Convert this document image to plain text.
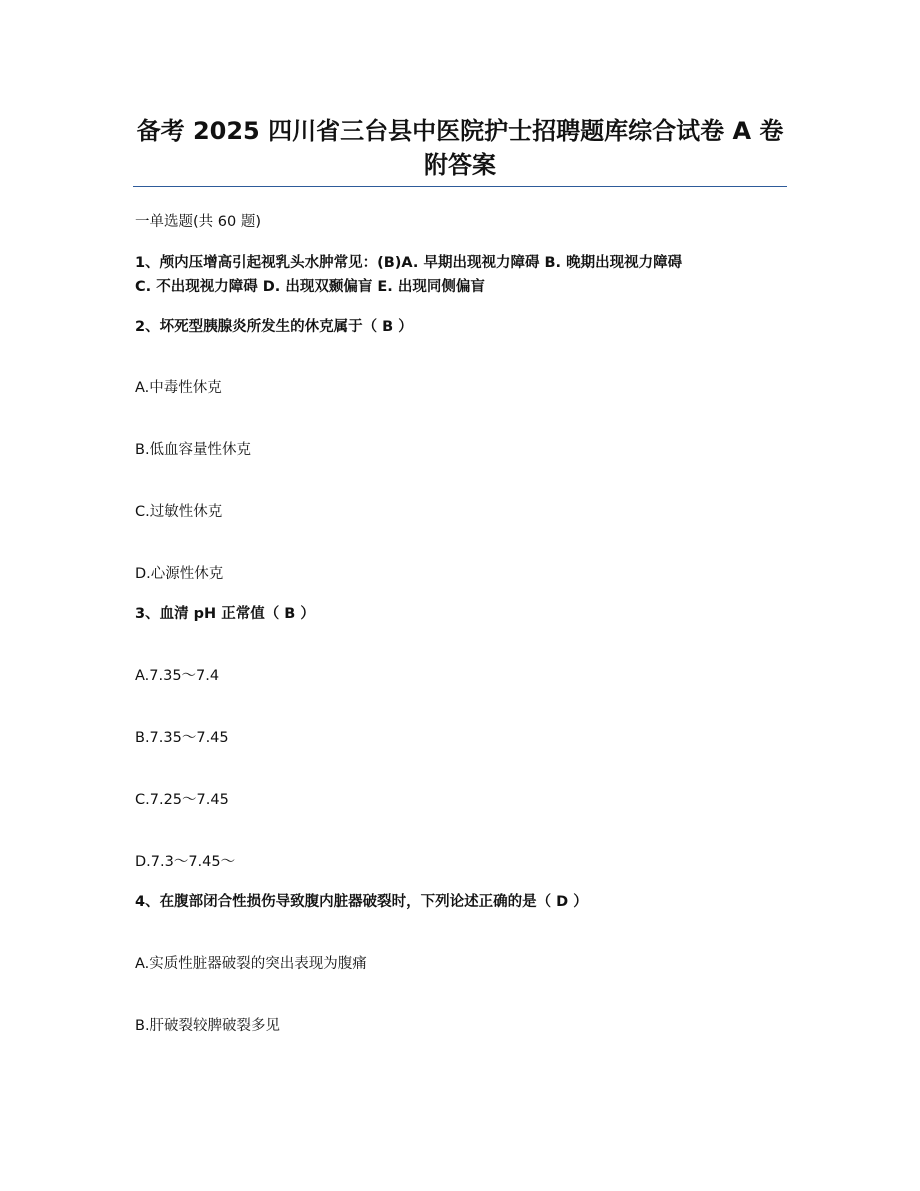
备考 2025 四川省三台县中医院护士招聘题库综合试卷 A 卷
附答案
一单选题(共 60 题)
1、颅内压增高引起视乳头水肿常见：(B)A. 早期出现视力障碍 B. 晚期出现视力障碍
C. 不出现视力障碍 D. 出现双颞偏盲 E. 出现同侧偏盲
2、坏死型胰腺炎所发生的休克属于（ B ）
A.中毒性休克
B.低血容量性休克
C.过敏性休克
D.心源性休克
3、血清 pH 正常值（ B ）
A.7.35～7.4
B.7.35～7.45
C.7.25～7.45
D.7.3～7.45～
4、在腹部闭合性损伤导致腹内脏器破裂时，下列论述正确的是（ D ）
A.实质性脏器破裂的突出表现为腹痛
B.肝破裂较脾破裂多见
